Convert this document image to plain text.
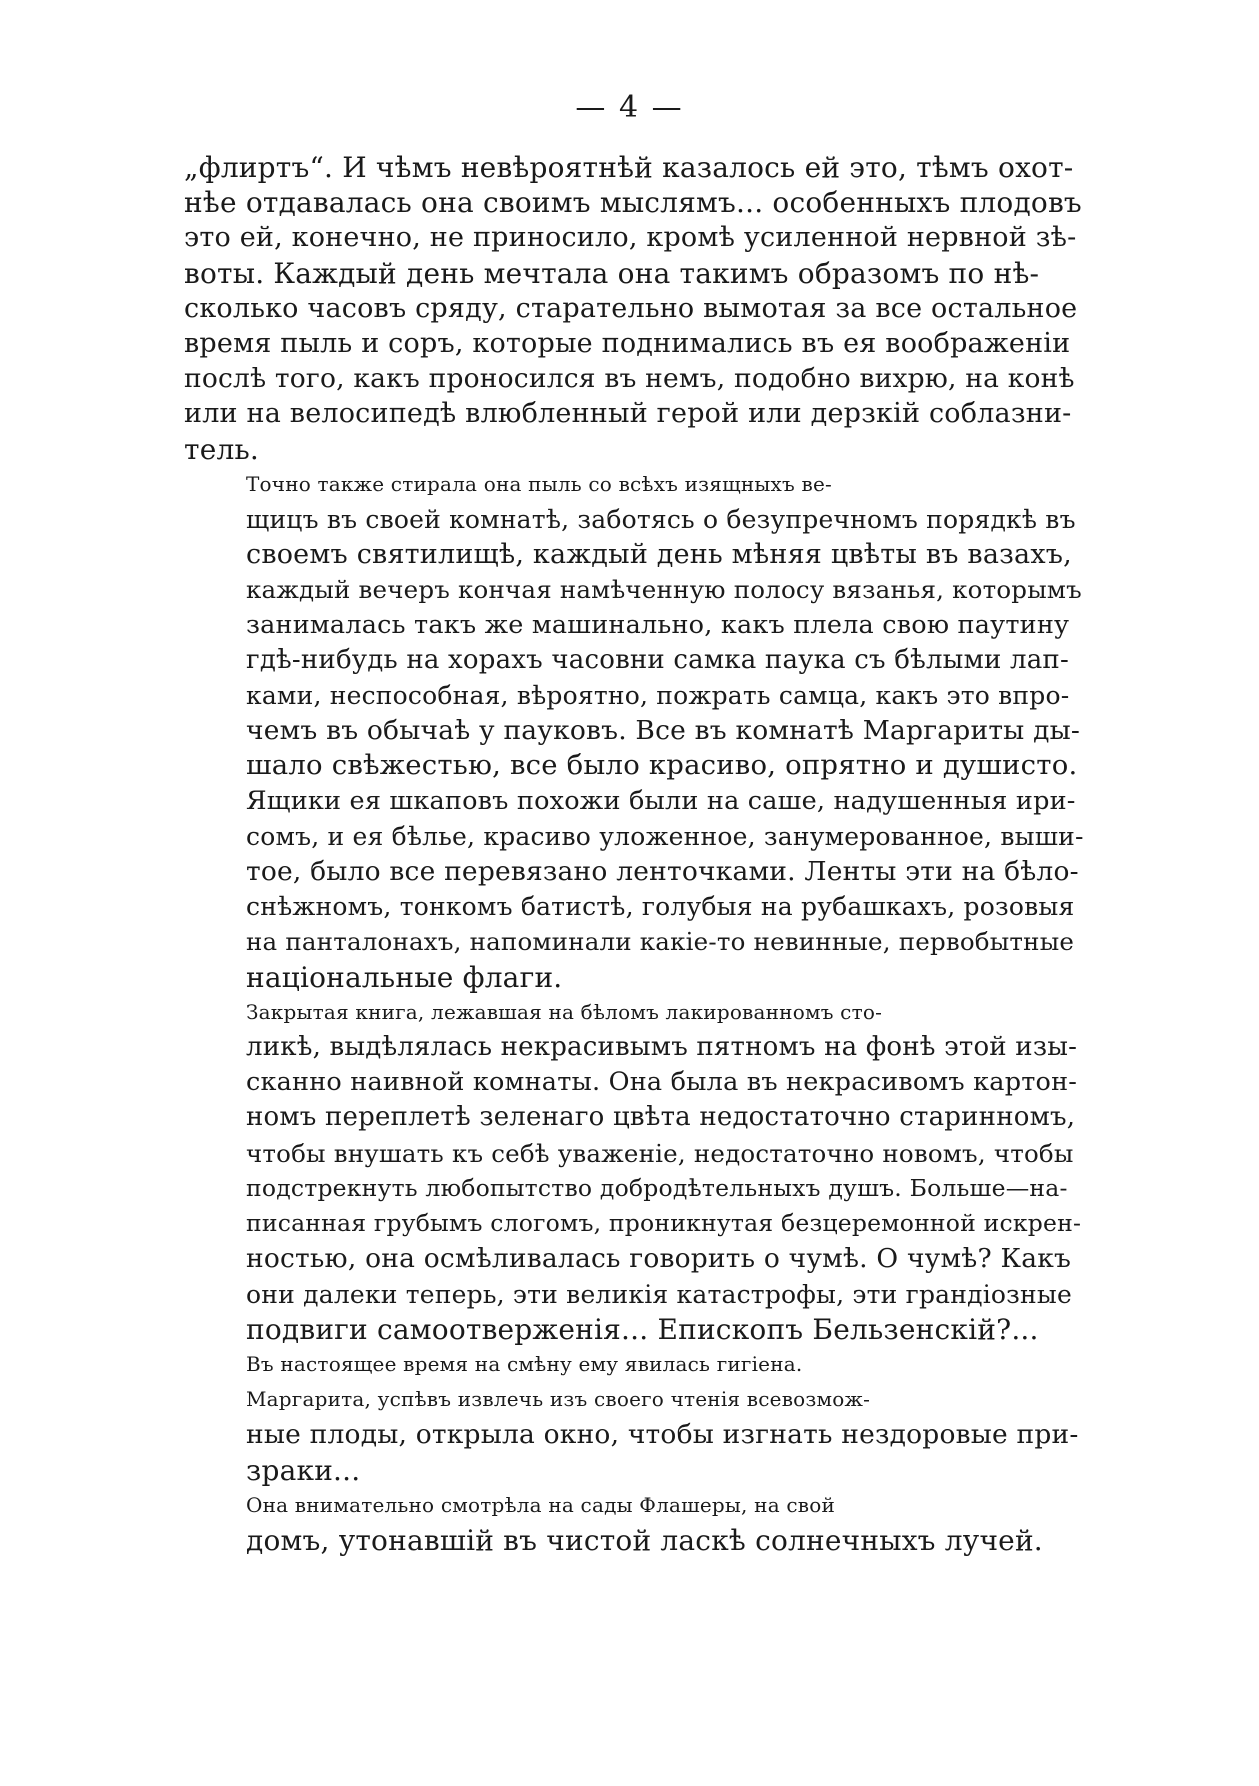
— 4 —
„флиртъ“. И чѣмъ невѣроятнѣй казалось ей это, тѣмъ охот-
нѣе отдавалась она своимъ мыслямъ... особенныхъ плодовъ
это ей, конечно, не приносило, кромѣ усиленной нервной зѣ-
воты. Каждый день мечтала она такимъ образомъ по нѣ-
сколько часовъ сряду, старательно вымотая за все остальное
время пыль и соръ, которые поднимались въ ея воображеніи
послѣ того, какъ проносился въ немъ, подобно вихрю, на конѣ
или на велосипедѣ влюбленный герой или дерзкій соблазни-
тель.
Точно также стирала она пыль со всѣхъ изящныхъ ве-
щицъ въ своей комнатѣ, заботясь о безупречномъ порядкѣ въ
своемъ святилищѣ, каждый день мѣняя цвѣты въ вазахъ,
каждый вечеръ кончая намѣченную полосу вязанья, которымъ
занималась такъ же машинально, какъ плела свою паутину
гдѣ-нибудь на хорахъ часовни самка паука съ бѣлыми лап-
ками, неспособная, вѣроятно, пожрать самца, какъ это впро-
чемъ въ обычаѣ у пауковъ. Все въ комнатѣ Маргариты ды-
шало свѣжестью, все было красиво, опрятно и душисто.
Ящики ея шкаповъ похожи были на саше, надушенныя ири-
сомъ, и ея бѣлье, красиво уложенное, занумерованное, выши-
тое, было все перевязано ленточками. Ленты эти на бѣло-
снѣжномъ, тонкомъ батистѣ, голубыя на рубашкахъ, розовыя
на панталонахъ, напоминали какіе-то невинные, первобытные
національные флаги.
Закрытая книга, лежавшая на бѣломъ лакированномъ сто-
ликѣ, выдѣлялась некрасивымъ пятномъ на фонѣ этой изы-
сканно наивной комнаты. Она была въ некрасивомъ картон-
номъ переплетѣ зеленаго цвѣта недостаточно старинномъ,
чтобы внушать къ себѣ уваженіе, недостаточно новомъ, чтобы
подстрекнуть любопытство добродѣтельныхъ душъ. Больше—на-
писанная грубымъ слогомъ, проникнутая безцеремонной искрен-
ностью, она осмѣливалась говорить о чумѣ. О чумѣ? Какъ
они далеки теперь, эти великія катастрофы, эти грандіозные
подвиги самоотверженія... Епископъ Бельзенскій?...
Въ настоящее время на смѣну ему явилась гигіена.
Маргарита, успѣвъ извлечь изъ своего чтенія всевозмож-
ные плоды, открыла окно, чтобы изгнать нездоровые при-
зраки...
Она внимательно смотрѣла на сады Флашеры, на свой
домъ, утонавшій въ чистой ласкѣ солнечныхъ лучей.
